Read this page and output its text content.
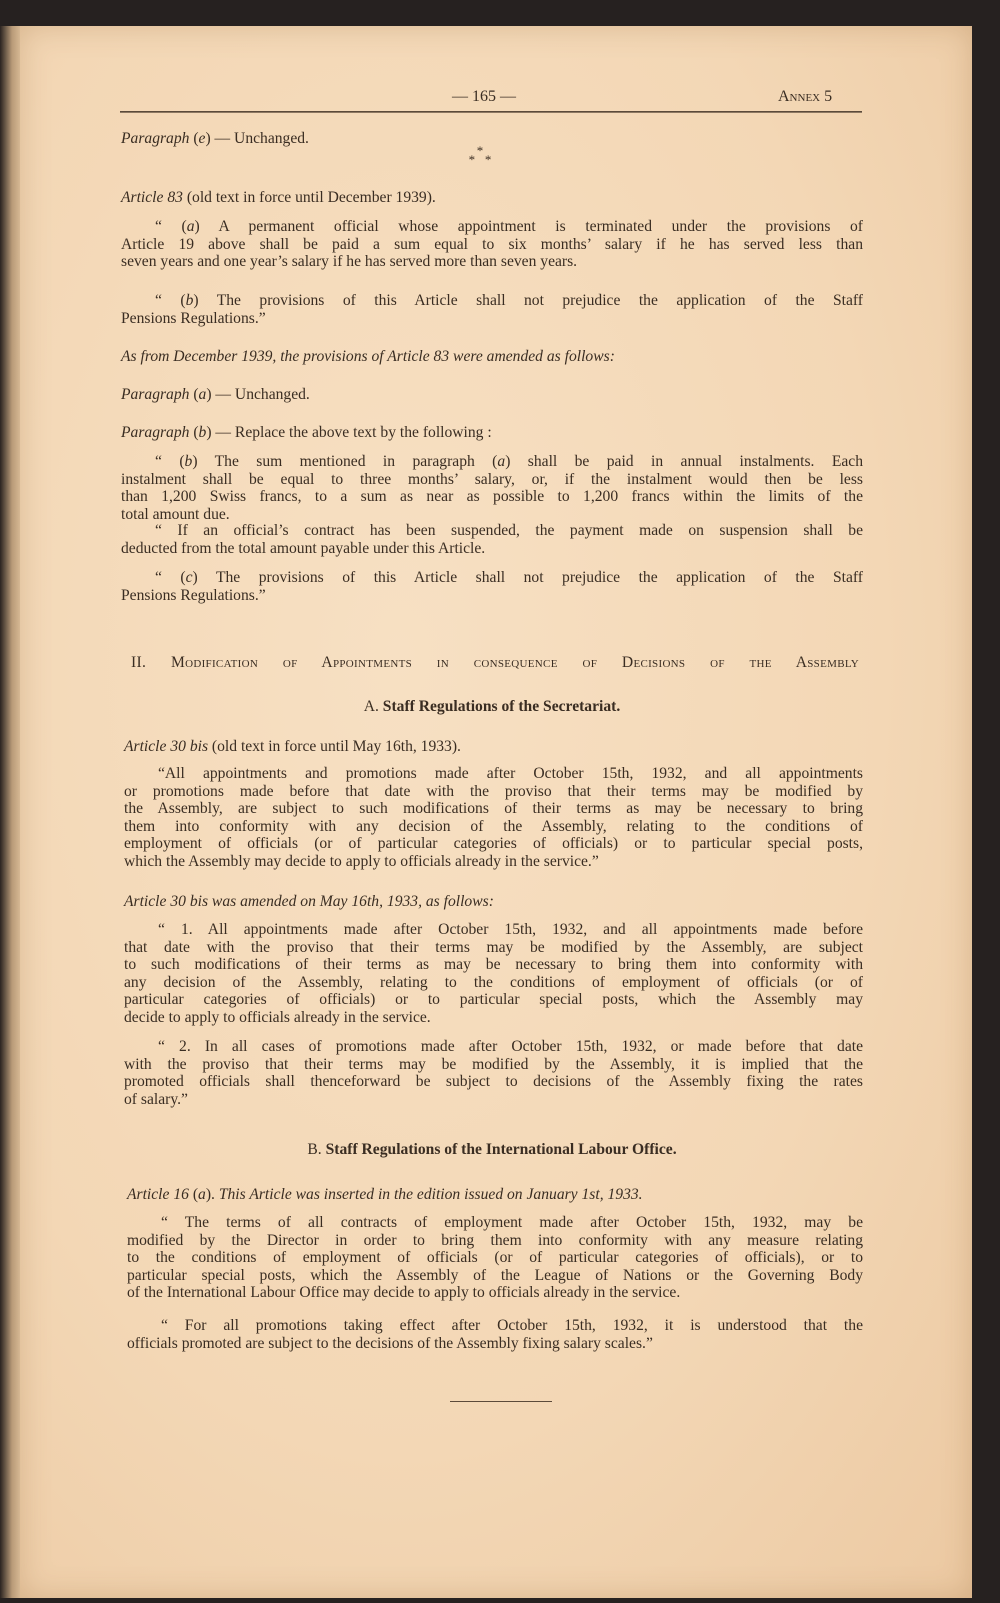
— 165 —	Annex 5
*
* *
Paragraph (e) — Unchanged.
Article 83 (old text in force until December 1939).
“ (a) A permanent official whose appointment is terminated under the provisions of
Article 19 above shall be paid a sum equal to six months’ salary if he has served less than
seven years and one year’s salary if he has served more than seven years.
“ (b) The provisions of this Article shall not prejudice the application of the Staff
Pensions Regulations.”
As from December 1939, the provisions of Article 83 were amended as follows:
Paragraph (a) — Unchanged.
Paragraph (b) — Replace the above text by the following :
“ (b) The sum mentioned in paragraph (a) shall be paid in annual instalments. Each
instalment shall be equal to three months’ salary, or, if the instalment would then be less
than 1,200 Swiss francs, to a sum as near as possible to 1,200 francs within the limits of the
total amount due.
“ If an official’s contract has been suspended, the payment made on suspension shall be
deducted from the total amount payable under this Article.
“ (c) The provisions of this Article shall not prejudice the application of the Staff
Pensions Regulations.”
II. Modification of Appointments in consequence of Decisions of the Assembly
A. Staff Regulations of the Secretariat.
Article 30 bis (old text in force until May 16th, 1933).
“All appointments and promotions made after October 15th, 1932, and all appointments
or promotions made before that date with the proviso that their terms may be modified by
the Assembly, are subject to such modifications of their terms as may be necessary to bring
them into conformity with any decision of the Assembly, relating to the conditions of
employment of officials (or of particular categories of officials) or to particular special posts,
which the Assembly may decide to apply to officials already in the service.”
Article 30 bis was amended on May 16th, 1933, as follows:
“ 1. All appointments made after October 15th, 1932, and all appointments made before
that date with the proviso that their terms may be modified by the Assembly, are subject
to such modifications of their terms as may be necessary to bring them into conformity with
any decision of the Assembly, relating to the conditions of employment of officials (or of
particular categories of officials) or to particular special posts, which the Assembly may
decide to apply to officials already in the service.
“ 2. In all cases of promotions made after October 15th, 1932, or made before that date
with the proviso that their terms may be modified by the Assembly, it is implied that the
promoted officials shall thenceforward be subject to decisions of the Assembly fixing the rates
of salary.”
B. Staff Regulations of the International Labour Office.
Article 16 (a). This Article was inserted in the edition issued on January 1st, 1933.
“ The terms of all contracts of employment made after October 15th, 1932, may be
modified by the Director in order to bring them into conformity with any measure relating
to the conditions of employment of officials (or of particular categories of officials), or to
particular special posts, which the Assembly of the League of Nations or the Governing Body
of the International Labour Office may decide to apply to officials already in the service.
“ For all promotions taking effect after October 15th, 1932, it is understood that the
officials promoted are subject to the decisions of the Assembly fixing salary scales.”
